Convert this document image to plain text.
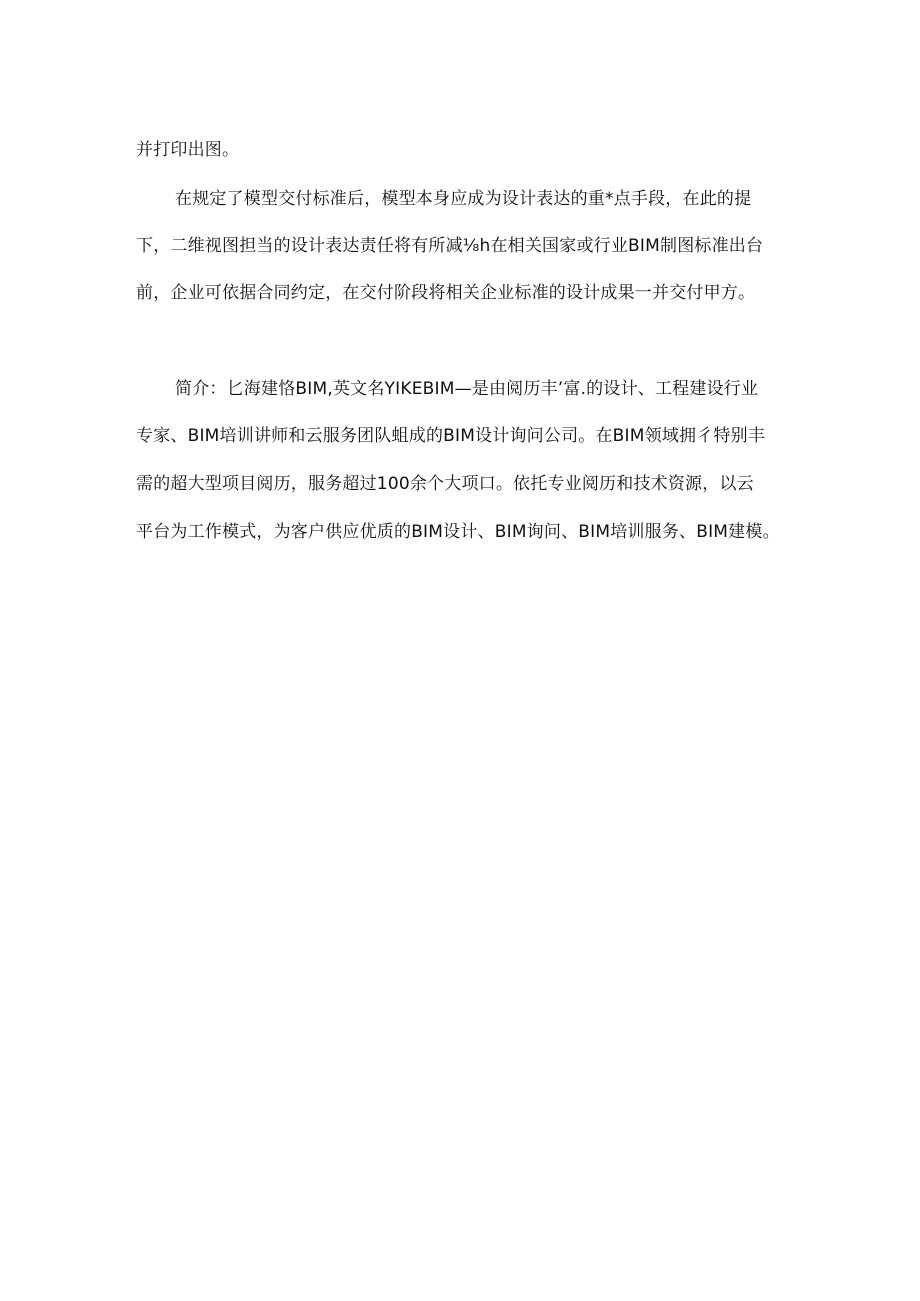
并打印出图。
在规定了模型交付标准后，模型本身应成为设计表达的重*点手段，在此的提
下，二维视图担当的设计表达责任将有所减⅛h在相关国家或行业BIM制图标准出台
前，企业可依据合同约定，在交付阶段将相关企业标准的设计成果一并交付甲方。
简介：匕海建恪BIM,英文名YIKEBIM—是由阅历丰’富.的设计、工程建设行业
专家、BIM培训讲师和云服务团队蛆成的BIM设计询问公司。在BIM领域拥彳特别丰
需的超大型项目阅历，服务超过100余个大项口。依托专业阅历和技术资源，以云
平台为工作模式，为客户供应优质的BIM设计、BIM询问、BIM培训服务、BIM建模。
